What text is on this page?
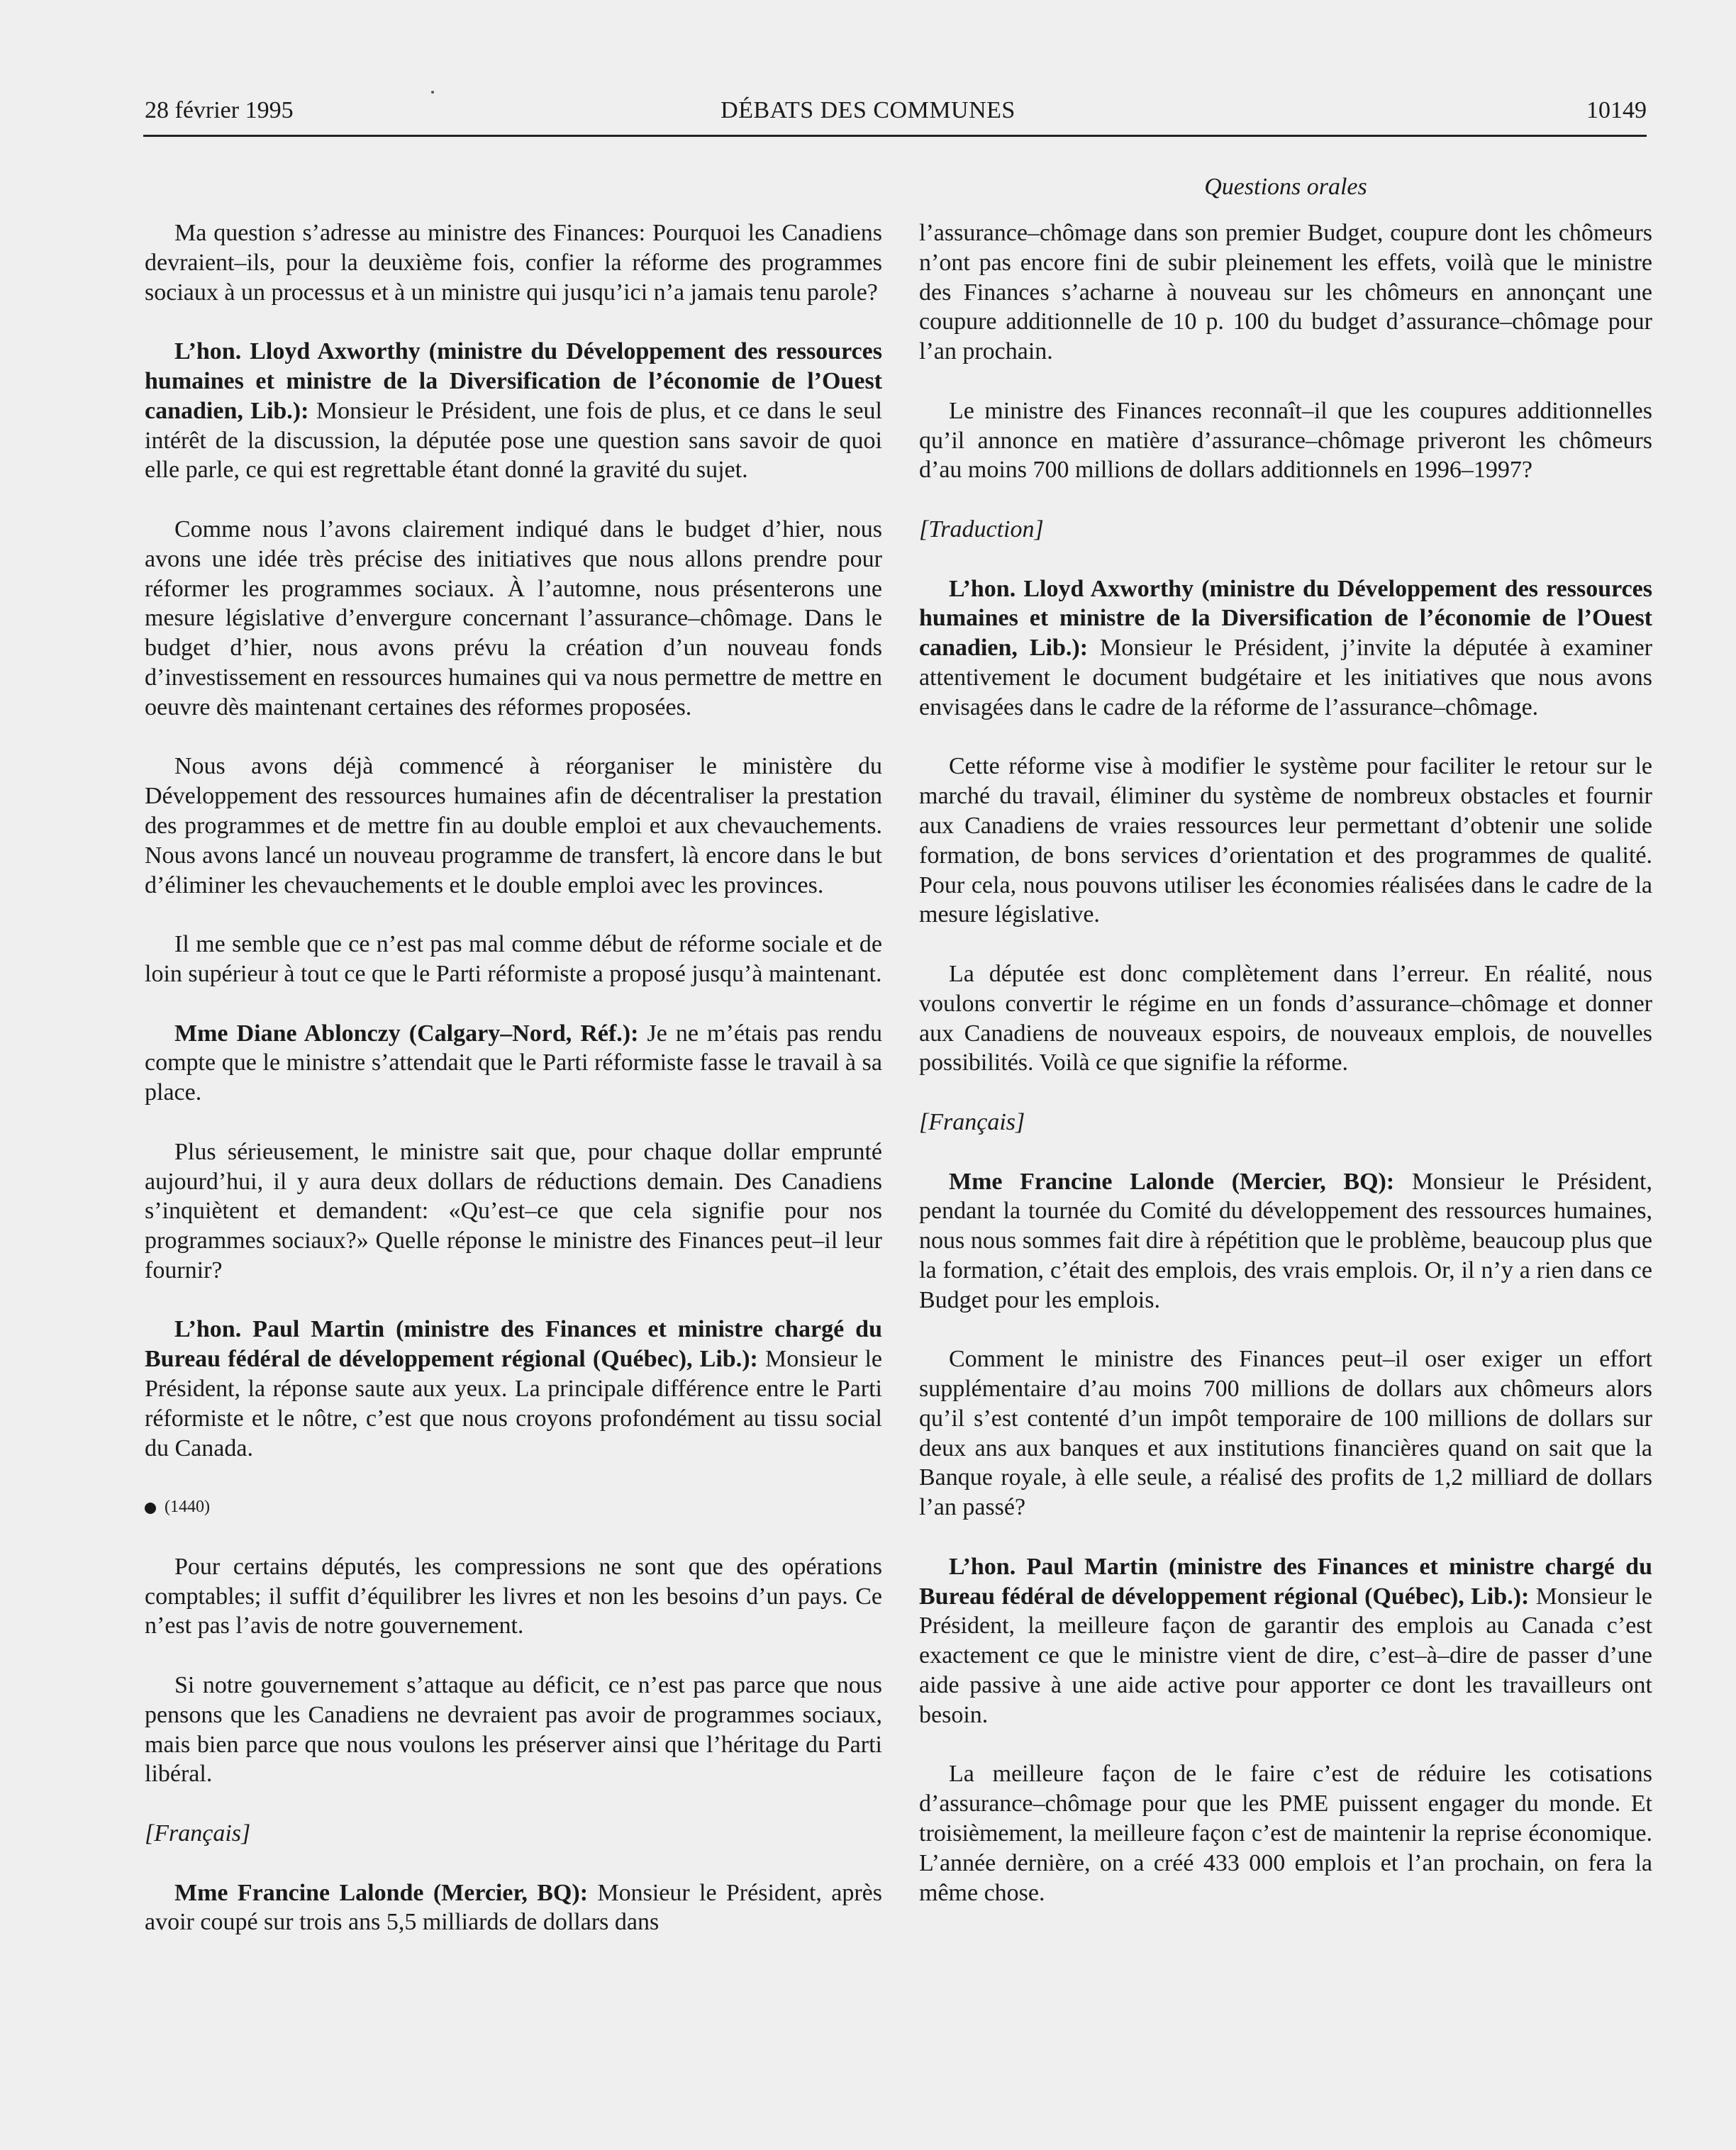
28 février 1995	DÉBATS DES COMMUNES	10149
Questions orales

Ma question s’adresse au ministre des Finances: Pourquoi les Canadiens devraient–ils, pour la deuxième fois, confier la réforme des programmes sociaux à un processus et à un ministre qui jusqu’ici n’a jamais tenu parole?

L’hon. Lloyd Axworthy (ministre du Développement des ressources humaines et ministre de la Diversification de l’économie de l’Ouest canadien, Lib.): Monsieur le Président, une fois de plus, et ce dans le seul intérêt de la discussion, la députée pose une question sans savoir de quoi elle parle, ce qui est regrettable étant donné la gravité du sujet.

Comme nous l’avons clairement indiqué dans le budget d’hier, nous avons une idée très précise des initiatives que nous allons prendre pour réformer les programmes sociaux. À l’automne, nous présenterons une mesure législative d’envergure concernant l’assurance–chômage. Dans le budget d’hier, nous avons prévu la création d’un nouveau fonds d’investissement en ressources humaines qui va nous permettre de mettre en oeuvre dès maintenant certaines des réformes proposées.

Nous avons déjà commencé à réorganiser le ministère du Développement des ressources humaines afin de décentraliser la prestation des programmes et de mettre fin au double emploi et aux chevauchements. Nous avons lancé un nouveau programme de transfert, là encore dans le but d’éliminer les chevauchements et le double emploi avec les provinces.

Il me semble que ce n’est pas mal comme début de réforme sociale et de loin supérieur à tout ce que le Parti réformiste a proposé jusqu’à maintenant.

Mme Diane Ablonczy (Calgary–Nord, Réf.): Je ne m’étais pas rendu compte que le ministre s’attendait que le Parti réformiste fasse le travail à sa place.

Plus sérieusement, le ministre sait que, pour chaque dollar emprunté aujourd’hui, il y aura deux dollars de réductions demain. Des Canadiens s’inquiètent et demandent: «Qu’est–ce que cela signifie pour nos programmes sociaux?» Quelle réponse le ministre des Finances peut–il leur fournir?

L’hon. Paul Martin (ministre des Finances et ministre chargé du Bureau fédéral de développement régional (Québec), Lib.): Monsieur le Président, la réponse saute aux yeux. La principale différence entre le Parti réformiste et le nôtre, c’est que nous croyons profondément au tissu social du Canada.

(1440)

Pour certains députés, les compressions ne sont que des opérations comptables; il suffit d’équilibrer les livres et non les besoins d’un pays. Ce n’est pas l’avis de notre gouvernement.

Si notre gouvernement s’attaque au déficit, ce n’est pas parce que nous pensons que les Canadiens ne devraient pas avoir de programmes sociaux, mais bien parce que nous voulons les préserver ainsi que l’héritage du Parti libéral.

[Français]

Mme Francine Lalonde (Mercier, BQ): Monsieur le Président, après avoir coupé sur trois ans 5,5 milliards de dollars dans

l’assurance–chômage dans son premier Budget, coupure dont les chômeurs n’ont pas encore fini de subir pleinement les effets, voilà que le ministre des Finances s’acharne à nouveau sur les chômeurs en annonçant une coupure additionnelle de 10 p. 100 du budget d’assurance–chômage pour l’an prochain.

Le ministre des Finances reconnaît–il que les coupures additionnelles qu’il annonce en matière d’assurance–chômage priveront les chômeurs d’au moins 700 millions de dollars additionnels en 1996–1997?

[Traduction]

L’hon. Lloyd Axworthy (ministre du Développement des ressources humaines et ministre de la Diversification de l’économie de l’Ouest canadien, Lib.): Monsieur le Président, j’invite la députée à examiner attentivement le document budgétaire et les initiatives que nous avons envisagées dans le cadre de la réforme de l’assurance–chômage.

Cette réforme vise à modifier le système pour faciliter le retour sur le marché du travail, éliminer du système de nombreux obstacles et fournir aux Canadiens de vraies ressources leur permettant d’obtenir une solide formation, de bons services d’orientation et des programmes de qualité. Pour cela, nous pouvons utiliser les économies réalisées dans le cadre de la mesure législative.

La députée est donc complètement dans l’erreur. En réalité, nous voulons convertir le régime en un fonds d’assurance–chômage et donner aux Canadiens de nouveaux espoirs, de nouveaux emplois, de nouvelles possibilités. Voilà ce que signifie la réforme.

[Français]

Mme Francine Lalonde (Mercier, BQ): Monsieur le Président, pendant la tournée du Comité du développement des ressources humaines, nous nous sommes fait dire à répétition que le problème, beaucoup plus que la formation, c’était des emplois, des vrais emplois. Or, il n’y a rien dans ce Budget pour les emplois.

Comment le ministre des Finances peut–il oser exiger un effort supplémentaire d’au moins 700 millions de dollars aux chômeurs alors qu’il s’est contenté d’un impôt temporaire de 100 millions de dollars sur deux ans aux banques et aux institutions financières quand on sait que la Banque royale, à elle seule, a réalisé des profits de 1,2 milliard de dollars l’an passé?

L’hon. Paul Martin (ministre des Finances et ministre chargé du Bureau fédéral de développement régional (Québec), Lib.): Monsieur le Président, la meilleure façon de garantir des emplois au Canada c’est exactement ce que le ministre vient de dire, c’est–à–dire de passer d’une aide passive à une aide active pour apporter ce dont les travailleurs ont besoin.

La meilleure façon de le faire c’est de réduire les cotisations d’assurance–chômage pour que les PME puissent engager du monde. Et troisièmement, la meilleure façon c’est de maintenir la reprise économique. L’année dernière, on a créé 433 000 emplois et l’an prochain, on fera la même chose.
